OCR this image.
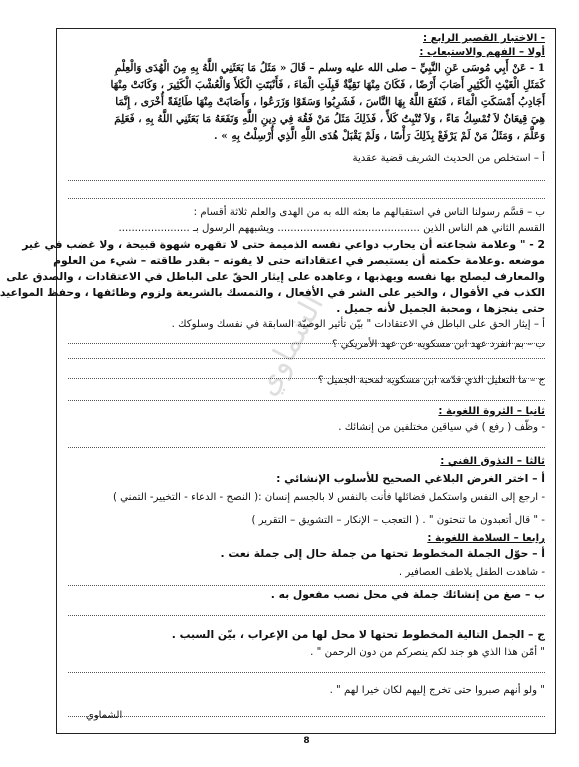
الشماوي
- الاختبار القصير الرابع :
أولا – الفهم والاستيعاب :
1 - عَنْ أَبِي مُوسَى عَنِ النَّبِيِّ – صلى الله عليه وسلم – قَالَ « مَثَلُ مَا بَعَثَنِي اللَّهُ بِهِ مِنَ الْهُدَى وَالْعِلْمِ
كَمَثَلِ الْغَيْثِ الْكَثِيرِ أَصَابَ أَرْضًا ، فَكَانَ مِنْهَا نَقِيَّةٌ قَبِلَتِ الْمَاءَ ، فَأَنْبَتَتِ الْكَلأَ وَالْعُشْبَ الْكَثِيرَ ، وَكَانَتْ مِنْهَا
أَجَادِبُ أَمْسَكَتِ الْمَاءَ ، فَنَفَعَ اللَّهُ بِهَا النَّاسَ ، فَشَرِبُوا وَسَقَوْا وَزَرَعُوا ، وَأَصَابَتْ مِنْهَا طَائِفَةً أُخْرَى ، إِنَّمَا
هِيَ قِيعَانٌ لاَ تُمْسِكُ مَاءً ، وَلاَ تُنْبِتُ كَلأً ، فَذَلِكَ مَثَلُ مَنْ فَقُهَ فِي دِينِ اللَّهِ وَنَفَعَهُ مَا بَعَثَنِي اللَّهُ بِهِ ، فَعَلِمَ
وَعَلَّمَ ، وَمَثَلُ مَنْ لَمْ يَرْفَعْ بِذَلِكَ رَأْسًا ، وَلَمْ يَقْبَلْ هُدَى اللَّهِ الَّذِي أُرْسِلْتُ بِهِ » .
أ – استخلص من الحديث الشريف قضية عقدية
ب – قسَّم رسولنا الناس في استقبالهم ما بعثه الله به من الهدى والعلم ثلاثة أقسام :
القسم الثاني هم الناس الذين ............................................ ويشبههم الرسول بـ ......................
2 - " وعلامة شجاعته أن يحارب دواعي نفسه الذميمة حتى لا تقهره شهوة قبيحة ، ولا غضب في غير
موضعه .وعلامة حكمته أن يستبصر في اعتقاداته حتى لا يفوته – بقدر طاقته – شيء من العلوم
والمعارف ليصلح بها نفسه ويهذبها ، وعاهده على إيثار الحقّ على الباطل في الاعتقادات ، والصدق على
الكذب في الأقوال ، والخير على الشر في الأفعال ، والتمسك بالشريعة ولزوم وظائفها ، وحفظ المواعيد
حتى ينجزها ، ومحبة الجميل لأنه جميل .
أ – إيثار الحق على الباطل في الاعتقادات " بيّن تأثير الوصيّة السابقة في نفسك وسلوكك .
ب – بم انفرد عهد ابن مسكويه عن عهد الأمريكي ؟
ج – ما التعليل الذي قدّمه ابن مسكويه لمحبة الجميل ؟
ثانيا – الثروة اللغوية :
- وظّف ( رفع ) في سياقين مختلفين من إنشائك .
ثالثا – التذوق الفني :
أ – اختر الغرض البلاغي الصحيح للأسلوب الإنشائي :
- ارجع إلى النفس واستكمل فضائلها فأنت بالنفس لا بالجسم إنسان :( النصح - الدعاء - التخيير- التمني )
- " قال أتعبدون ما تنحتون " . ( التعجب – الإنكار – التشويق – التقرير )
رابعا – السلامة اللغوية :
أ – حوّل الجملة المخطوط تحتها من جملة حال إلى جملة نعت .
- شاهدت الطفل يلاطف العصافير .
ب – صغ من إنشائك جملة في محل نصب مفعول به .
ج – الجمل التالية المخطوط تحتها لا محل لها من الإعراب ، بيّن السبب .
" أمّن هذا الذي هو جند لكم ينصركم من دون الرحمن " .
" ولو أنهم صبروا حتى تخرج إليهم لكان خيرا لهم " .
الشماوي
8
